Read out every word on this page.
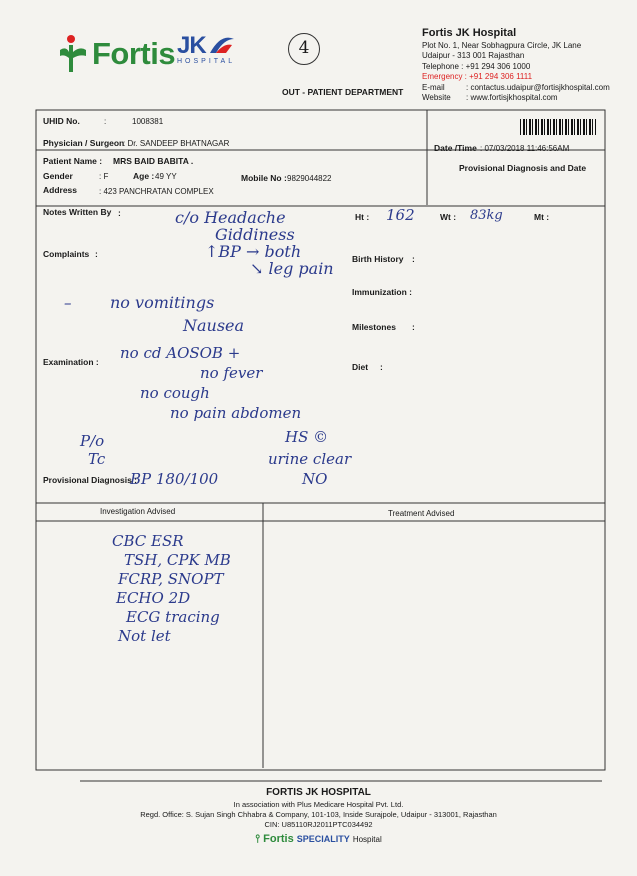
Fortis JK
HOSPITAL
4
OUT - PATIENT DEPARTMENT
Fortis JK Hospital
Plot No. 1, Near Sobhagpura Circle, JK Lane
Udaipur - 313 001 Rajasthan
Telephone : +91 294 306 1000
Emergency : +91 294 306 1111
E-mail	: contactus.udaipur@fortisjkhospital.com
Website	: www.fortisjkhospital.com
UHID No.	:	1008381
Physician / Surgeon
: Dr. SANDEEP BHATNAGAR	Date /Time : 07/03/2018 11:46:56AM
Patient Name : MRS BAID BABITA .
Gender	: F	Age : 49 YY	Mobile No : 9829044822
Address	: 423 PANCHRATAN COMPLEX
Provisional Diagnosis and Date
Notes Written By :	Ht : 162	Wt : 83kg	Mt :
Complaints :	Birth History :
Immunization :
Milestones :
Examination :	Diet :
Provisional Diagnosis :
c/o Headache
Giddiness
↑BP → both
↘ leg pain
– no vomitings
Nausea
no cd AOSOB +
no fever
no cough
no pain abdomen
HS ©
urine clear
NO
P/o
Tc
BP 180/100
Investigation Advised	Treatment Advised
CBC ESR
TSH, CPK MB
FCRP, SNOPT
ECHO 2D
ECG tracing
Not let
FORTIS JK HOSPITAL
In association with Plus Medicare Hospital Pvt. Ltd.
Regd. Office: S. Sujan Singh Chhabra & Company, 101-103, Inside Surajpole, Udaipur - 313001, Rajasthan
CIN: U85110RJ2011PTC034492
⫯ Fortis SPECIALITY Hospital
